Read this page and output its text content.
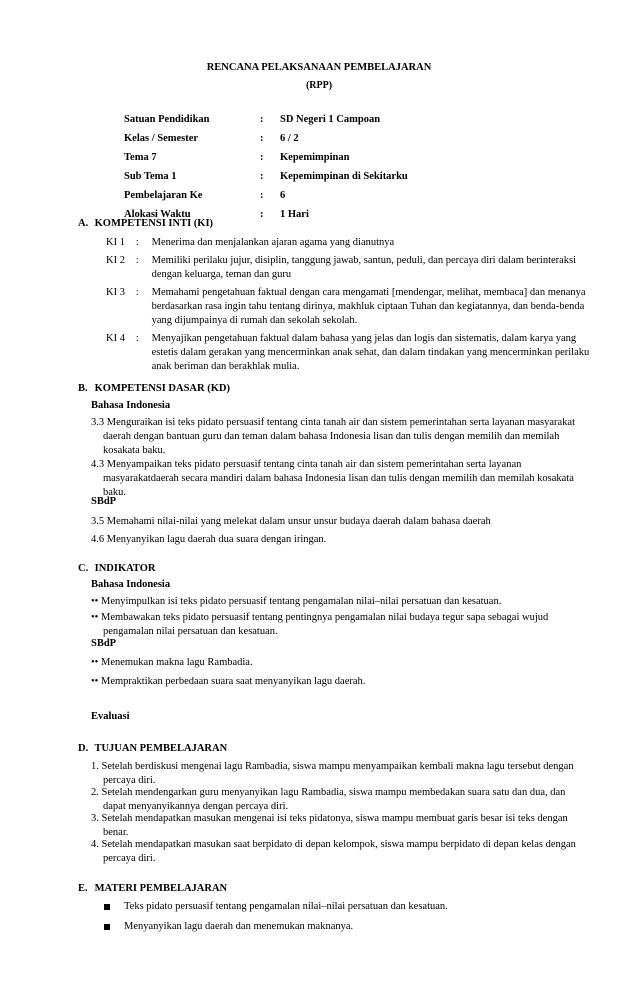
RENCANA PELAKSANAAN PEMBELAJARAN
(RPP)
Satuan Pendidikan	:	SD Negeri 1 Campoan
Kelas / Semester	:	6 / 2
Tema 7	:	Kepemimpinan
Sub Tema 1	:	Kepemimpinan di Sekitarku
Pembelajaran Ke	:	6
Alokasi Waktu	:	1 Hari
A. KOMPETENSI INTI (KI)
KI 1	:	Menerima dan menjalankan ajaran agama yang dianutnya
KI 2	:	Memiliki perilaku jujur, disiplin, tanggung jawab, santun, peduli, dan percaya diri dalam berinteraksi
dengan keluarga, teman dan guru
KI 3	:	Memahami pengetahuan faktual dengan cara mengamati [mendengar, melihat, membaca] dan menanya
berdasarkan rasa ingin tahu tentang dirinya, makhluk ciptaan Tuhan dan kegiatannya, dan benda-benda
yang dijumpainya di rumah dan sekolah sekolah.
KI 4	:	Menyajikan pengetahuan faktual dalam bahasa yang jelas dan logis dan sistematis, dalam karya yang
estetis dalam gerakan yang mencerminkan anak sehat, dan dalam tindakan yang mencerminkan perilaku
anak beriman dan berakhlak mulia.
B. KOMPETENSI DASAR (KD)
Bahasa Indonesia
3.3 Menguraikan isi teks pidato persuasif tentang cinta tanah air dan sistem pemerintahan serta layanan masyarakat
daerah dengan bantuan guru dan teman dalam bahasa Indonesia lisan dan tulis dengan memilih dan memilah
kosakata baku.
4.3 Menyampaikan teks pidato persuasif tentang cinta tanah air dan sistem pemerintahan serta layanan
masyarakatdaerah secara mandiri dalam bahasa Indonesia lisan dan tulis dengan memilih dan memilah kosakata
baku.
SBdP
3.5 Memahami nilai-nilai yang melekat dalam unsur unsur budaya daerah dalam bahasa daerah
4.6 Menyanyikan lagu daerah dua suara dengan iringan.
C. INDIKATOR
Bahasa Indonesia
•• Menyimpulkan isi teks pidato persuasif tentang pengamalan nilai–nilai persatuan dan kesatuan.
•• Membawakan teks pidato persuasif tentang pentingnya pengamalan nilai budaya tegur sapa sebagai wujud
pengamalan nilai persatuan dan kesatuan.
SBdP
•• Menemukan makna lagu Rambadia.
•• Mempraktikan perbedaan suara saat menyanyikan lagu daerah.
Evaluasi
D. TUJUAN PEMBELAJARAN
1. Setelah berdiskusi mengenai lagu Rambadia, siswa mampu menyampaikan kembali makna lagu tersebut dengan
percaya diri.
2. Setelah mendengarkan guru menyanyikan lagu Rambadia, siswa mampu membedakan suara satu dan dua, dan
dapat menyanyikannya dengan percaya diri.
3. Setelah mendapatkan masukan mengenai isi teks pidatonya, siswa mampu membuat garis besar isi teks dengan
benar.
4. Setelah mendapatkan masukan saat berpidato di depan kelompok, siswa mampu berpidato di depan kelas dengan
percaya diri.
E. MATERI PEMBELAJARAN
Teks pidato persuasif tentang pengamalan nilai–nilai persatuan dan kesatuan.
Menyanyikan lagu daerah dan menemukan maknanya.
